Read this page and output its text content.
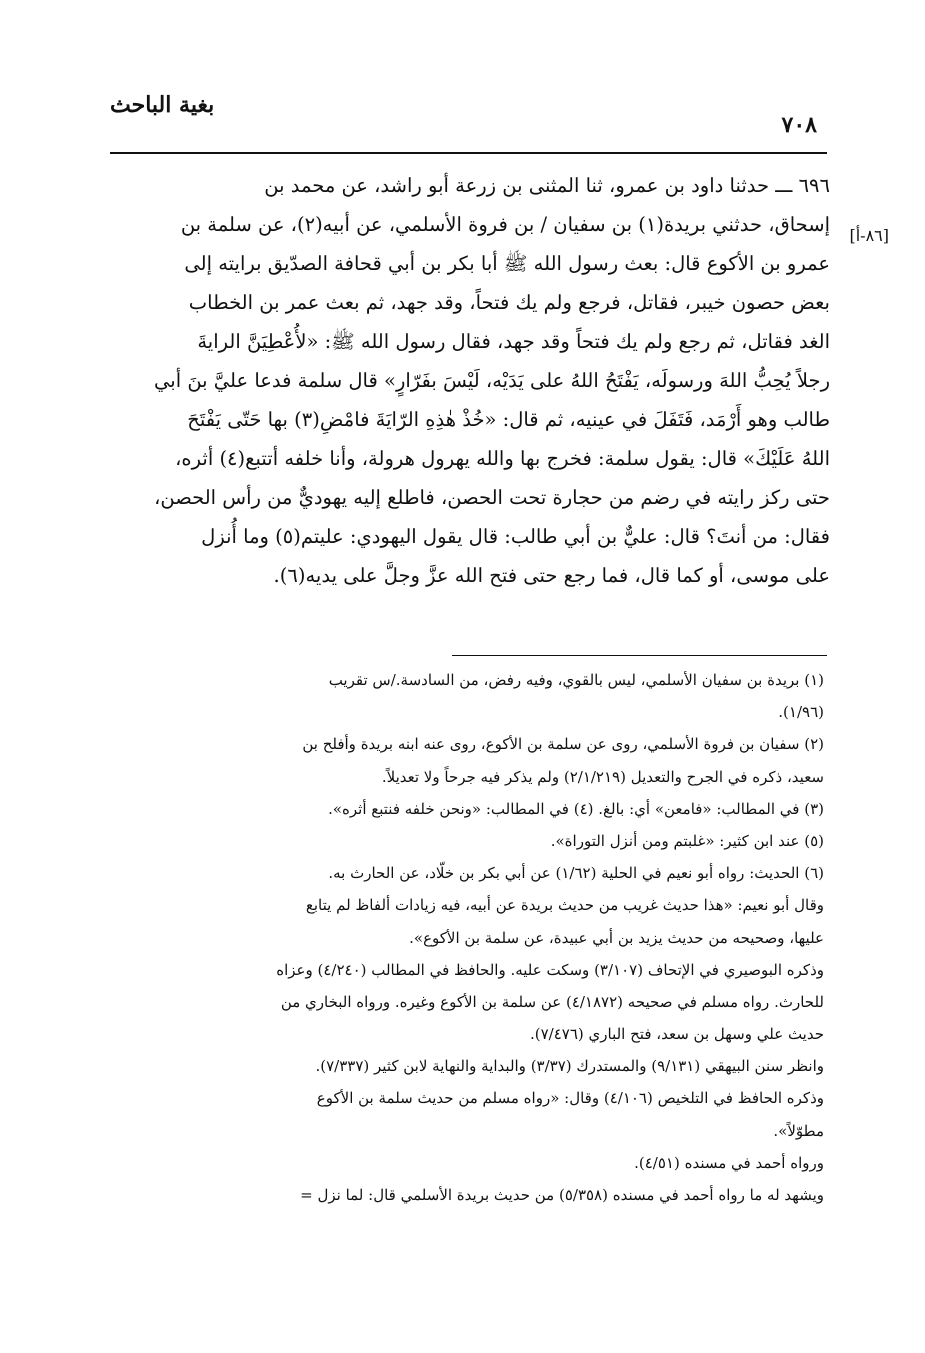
بغية الباحث
٧٠٨
[٨٦-أ]
٦٩٦ ـــ حدثنا داود بن عمرو، ثنا المثنى بن زرعة أبو راشد، عن محمد بن
إسحاق، حدثني بريدة(١) بن سفيان / بن فروة الأسلمي، عن أبيه(٢)، عن سلمة بن
عمرو بن الأكوع قال: بعث رسول الله ﷺ أبا بكر بن أبي قحافة الصدّيق برايته إلى
بعض حصون خيبر، فقاتل، فرجع ولم يك فتحاً، وقد جهد، ثم بعث عمر بن الخطاب
الغد فقاتل، ثم رجع ولم يك فتحاً وقد جهد، فقال رسول الله ﷺ: «لأُعْطِيَنَّ الرايةَ
رجلاً يُحِبُّ اللهَ ورسولَه، يَفْتَحُ اللهُ على يَدَيْه، لَيْسَ بفَرّارٍ» قال سلمة فدعا عليَّ بنَ أبي
طالب وهو أَرْمَد، فَتَفَلَ في عينيه، ثم قال: «خُذْ هٰذِهِ الرّايَةَ فامْضِ(٣) بها حَتّى يَفْتَحَ
اللهُ عَلَيْكَ» قال: يقول سلمة: فخرج بها والله يهرول هرولة، وأنا خلفه أتتبع(٤) أثره،
حتى ركز رايته في رضم من حجارة تحت الحصن، فاطلع إليه يهوديٌّ من رأس الحصن،
فقال: من أنتَ؟ قال: عليٌّ بن أبي طالب: قال يقول اليهودي: عليتم(٥) وما أُنزل
على موسى، أو كما قال، فما رجع حتى فتح الله عزَّ وجلَّ على يديه(٦).
(١) بريدة بن سفيان الأسلمي، ليس بالقوي، وفيه رفض، من السادسة./س تقريب
(١/٩٦).
(٢) سفيان بن فروة الأسلمي، روى عن سلمة بن الأكوع، روى عنه ابنه بريدة وأفلح بن
سعيد، ذكره في الجرح والتعديل (٢/١/٢١٩) ولم يذكر فيه جرحاً ولا تعديلاً.
(٣) في المطالب: «فامعن» أي: بالغ. (٤) في المطالب: «ونحن خلفه فنتبع أثره».
(٥) عند ابن كثير: «غلبتم ومن أنزل التوراة».
(٦) الحديث: رواه أبو نعيم في الحلية (١/٦٢) عن أبي بكر بن خلّاد، عن الحارث به.
وقال أبو نعيم: «هذا حديث غريب من حديث بريدة عن أبيه، فيه زيادات ألفاظ لم يتابع
عليها، وصحيحه من حديث يزيد بن أبي عبيدة، عن سلمة بن الأكوع».
وذكره البوصيري في الإتحاف (٣/١٠٧) وسكت عليه. والحافظ في المطالب (٤/٢٤٠) وعزاه
للحارث. رواه مسلم في صحيحه (٤/١٨٧٢) عن سلمة بن الأكوع وغيره. ورواه البخاري من
حديث علي وسهل بن سعد، فتح الباري (٧/٤٧٦).
وانظر سنن البيهقي (٩/١٣١) والمستدرك (٣/٣٧) والبداية والنهاية لابن كثير (٧/٣٣٧).
وذكره الحافظ في التلخيص (٤/١٠٦) وقال: «رواه مسلم من حديث سلمة بن الأكوع
مطوّلاً».
ورواه أحمد في مسنده (٤/٥١).
ويشهد له ما رواه أحمد في مسنده (٥/٣٥٨) من حديث بريدة الأسلمي قال: لما نزل =
